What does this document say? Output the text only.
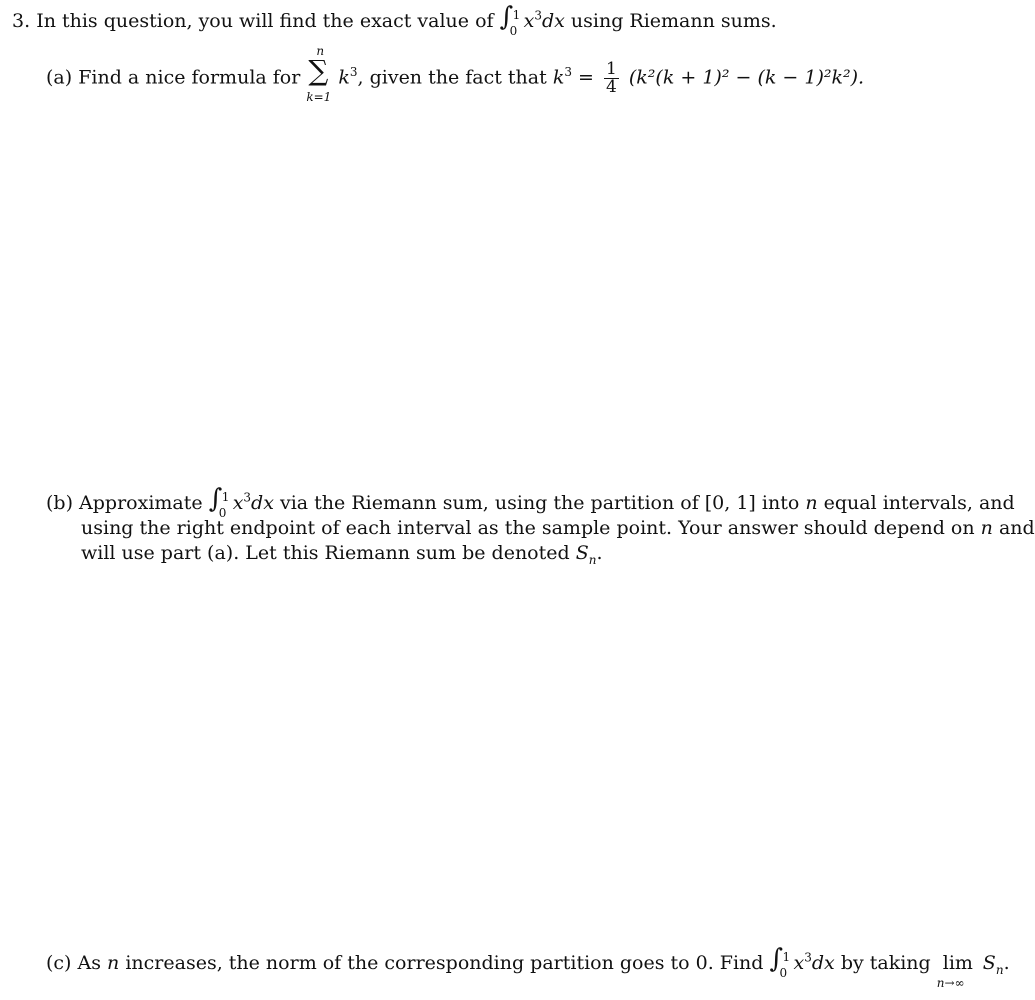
3. In this question, you will find the exact value of ∫ 1
0 $x^3dx$ using Riemann sums.
(a) Find a nice formula for ∑
n
k=1
$k^3$, given the fact that $k^3 = \frac{1}{4} (k^2(k + 1)^2 - (k - 1)^2k^2)$.
(b) Approximate ∫ 1
0 $x^3dx$ via the Riemann sum, using the partition of [0, 1] into n equal intervals, and
using the right endpoint of each interval as the sample point. Your answer should depend on n and
will use part (a). Let this Riemann sum be denoted $S_n$.
(c) As n increases, the norm of the corresponding partition goes to 0. Find ∫ 1
0 $x^3dx$ by taking lim
n→∞
$S_n$.
